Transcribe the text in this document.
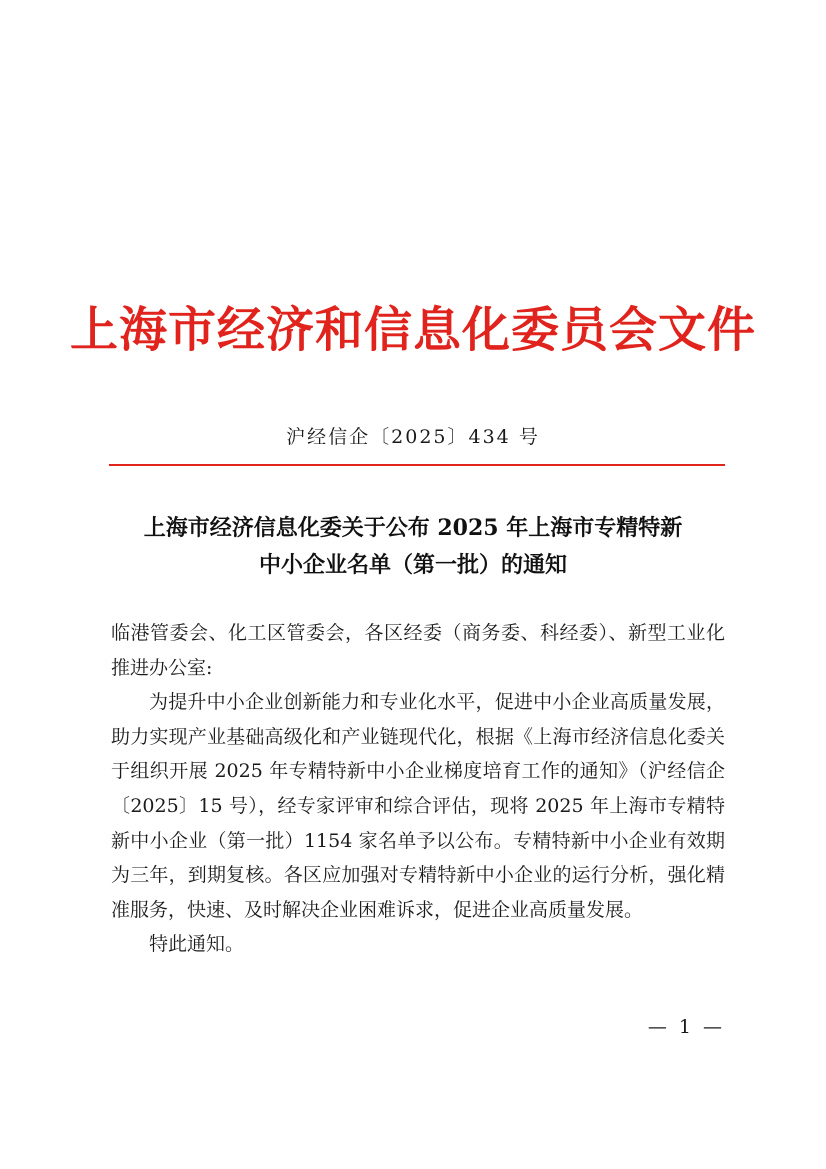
上海市经济和信息化委员会文件
沪经信企〔2025〕434 号
上海市经济信息化委关于公布 2025 年上海市专精特新
中小企业名单（第一批）的通知

临港管委会、化工区管委会，各区经委（商务委、科经委）、新型工业化推进办公室:

为提升中小企业创新能力和专业化水平，促进中小企业高质量发展，助力实现产业基础高级化和产业链现代化，根据《上海市经济信息化委关于组织开展 2025 年专精特新中小企业梯度培育工作的通知》（沪经信企〔2025〕15 号），经专家评审和综合评估，现将 2025 年上海市专精特新中小企业（第一批）1154 家名单予以公布。专精特新中小企业有效期为三年，到期复核。各区应加强对专精特新中小企业的运行分析，强化精准服务，快速、及时解决企业困难诉求，促进企业高质量发展。

特此通知。

— 1 —
